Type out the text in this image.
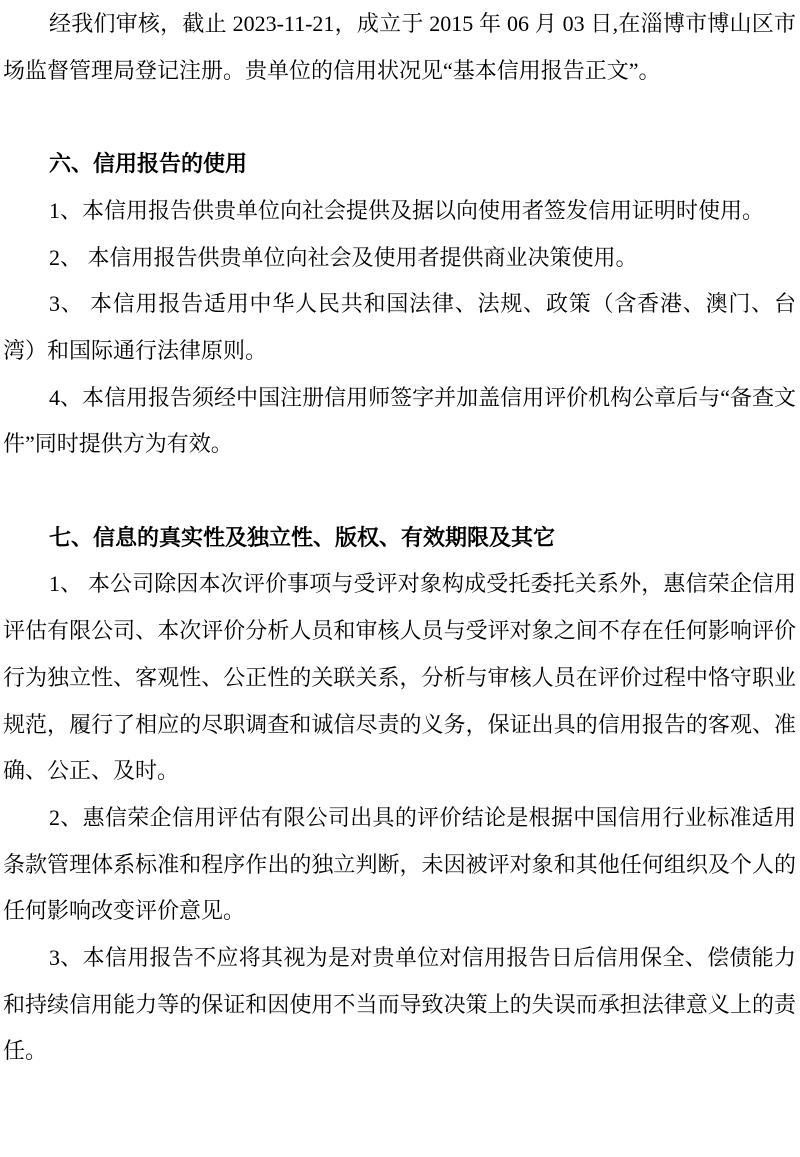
经我们审核，截止 2023-11-21，成立于 2015 年 06 月 03 日,在淄博市博山区市场监督管理局登记注册。贵单位的信用状况见“基本信用报告正文”。

六、信用报告的使用

1、本信用报告供贵单位向社会提供及据以向使用者签发信用证明时使用。

2、 本信用报告供贵单位向社会及使用者提供商业决策使用。

3、 本信用报告适用中华人民共和国法律、法规、政策（含香港、澳门、台湾）和国际通行法律原则。

4、本信用报告须经中国注册信用师签字并加盖信用评价机构公章后与“备查文件”同时提供方为有效。

七、信息的真实性及独立性、版权、有效期限及其它

1、 本公司除因本次评价事项与受评对象构成受托委托关系外，惠信荣企信用评估有限公司、本次评价分析人员和审核人员与受评对象之间不存在任何影响评价行为独立性、客观性、公正性的关联关系，分析与审核人员在评价过程中恪守职业规范，履行了相应的尽职调查和诚信尽责的义务，保证出具的信用报告的客观、准确、公正、及时。

2、惠信荣企信用评估有限公司出具的评价结论是根据中国信用行业标准适用条款管理体系标准和程序作出的独立判断，未因被评对象和其他任何组织及个人的任何影响改变评价意见。

3、本信用报告不应将其视为是对贵单位对信用报告日后信用保全、偿债能力和持续信用能力等的保证和因使用不当而导致决策上的失误而承担法律意义上的责任。
